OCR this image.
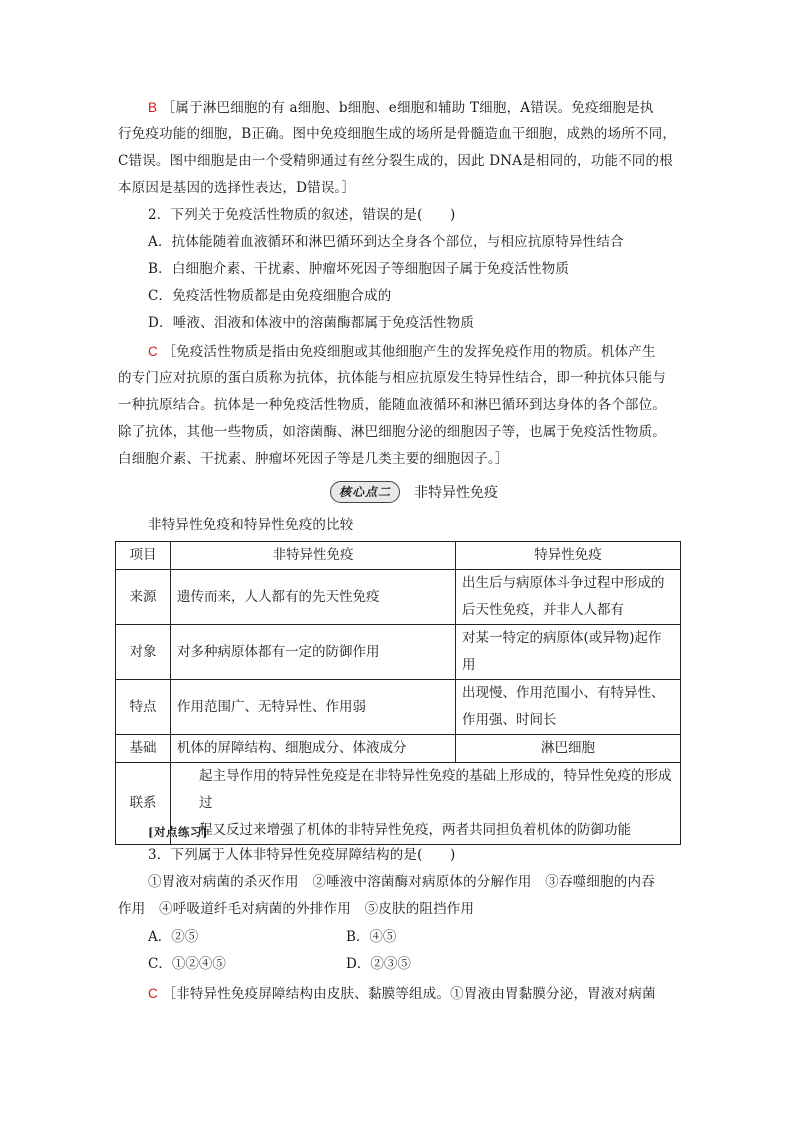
B ［属于淋巴细胞的有 a细胞、b细胞、e细胞和辅助 T细胞，A错误。免疫细胞是执
行免疫功能的细胞，B正确。图中免疫细胞生成的场所是骨髓造血干细胞，成熟的场所不同，
C错误。图中细胞是由一个受精卵通过有丝分裂生成的，因此 DNA是相同的，功能不同的根
本原因是基因的选择性表达，D错误。］
2．下列关于免疫活性物质的叙述，错误的是(　　)
A．抗体能随着血液循环和淋巴循环到达全身各个部位，与相应抗原特异性结合
B．白细胞介素、干扰素、肿瘤坏死因子等细胞因子属于免疫活性物质
C．免疫活性物质都是由免疫细胞合成的
D．唾液、泪液和体液中的溶菌酶都属于免疫活性物质
C ［免疫活性物质是指由免疫细胞或其他细胞产生的发挥免疫作用的物质。机体产生
的专门应对抗原的蛋白质称为抗体，抗体能与相应抗原发生特异性结合，即一种抗体只能与
一种抗原结合。抗体是一种免疫活性物质，能随血液循环和淋巴循环到达身体的各个部位。
除了抗体，其他一些物质，如溶菌酶、淋巴细胞分泌的细胞因子等，也属于免疫活性物质。
白细胞介素、干扰素、肿瘤坏死因子等是几类主要的细胞因子。］
核心点二	非特异性免疫
非特异性免疫和特异性免疫的比较
项目	非特异性免疫	特异性免疫
来源	遗传而来，人人都有的先天性免疫	出生后与病原体斗争过程中形成的
后天性免疫，并非人人都有

对象	对多种病原体都有一定的防御作用	对某一特定的病原体(或异物)起作
用

特点	作用范围广、无特异性、作用弱	出现慢、作用范围小、有特异性、
作用强、时间长

基础	机体的屏障结构、细胞成分、体液成分	淋巴细胞
联系	起主导作用的特异性免疫是在非特异性免疫的基础上形成的，特异性免疫的形成过
程又反过来增强了机体的非特异性免疫，两者共同担负着机体的防御功能	
[对点练习]
3．下列属于人体非特异性免疫屏障结构的是(　　)
①胃液对病菌的杀灭作用　②唾液中溶菌酶对病原体的分解作用　③吞噬细胞的内吞
作用　④呼吸道纤毛对病菌的外排作用　⑤皮肤的阻挡作用
A．②⑤	B．④⑤
C．①②④⑤	D．②③⑤
C ［非特异性免疫屏障结构由皮肤、黏膜等组成。①胃液由胃黏膜分泌，胃液对病菌
